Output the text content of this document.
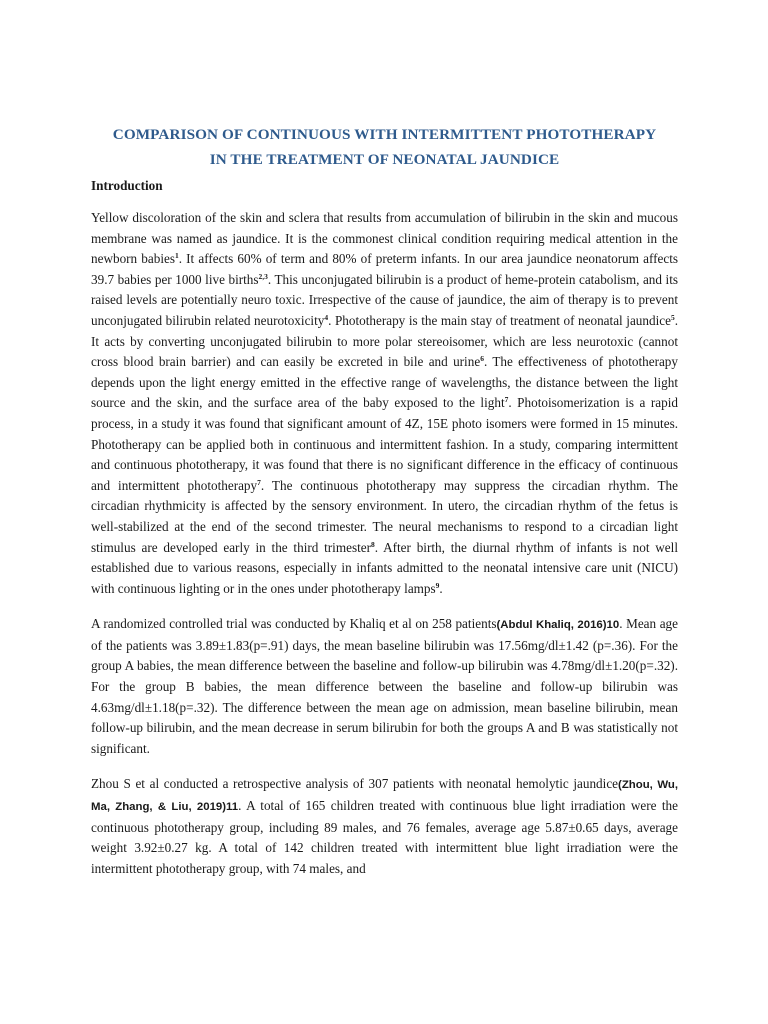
COMPARISON OF CONTINUOUS WITH INTERMITTENT PHOTOTHERAPY
IN THE TREATMENT OF NEONATAL JAUNDICE
Introduction

Yellow discoloration of the skin and sclera that results from accumulation of bilirubin in the skin and mucous membrane was named as jaundice. It is the commonest clinical condition requiring medical attention in the newborn babies$^1$. It affects 60% of term and 80% of preterm infants. In our area jaundice neonatorum affects 39.7 babies per 1000 live births$^{2,3}$. This unconjugated bilirubin is a product of heme-protein catabolism, and its raised levels are potentially neuro toxic. Irrespective of the cause of jaundice, the aim of therapy is to prevent unconjugated bilirubin related neurotoxicity$^4$. Phototherapy is the main stay of treatment of neonatal jaundice$^5$. It acts by converting unconjugated bilirubin to more polar stereoisomer, which are less neurotoxic (cannot cross blood brain barrier) and can easily be excreted in bile and urine$^6$. The effectiveness of phototherapy depends upon the light energy emitted in the effective range of wavelengths, the distance between the light source and the skin, and the surface area of the baby exposed to the light$^7$. Photoisomerization is a rapid process, in a study it was found that significant amount of 4Z, 15E photo isomers were formed in 15 minutes. Phototherapy can be applied both in continuous and intermittent fashion. In a study, comparing intermittent and continuous phototherapy, it was found that there is no significant difference in the efficacy of continuous and intermittent phototherapy$^7$. The continuous phototherapy may suppress the circadian rhythm. The circadian rhythmicity is affected by the sensory environment. In utero, the circadian rhythm of the fetus is well-stabilized at the end of the second trimester. The neural mechanisms to respond to a circadian light stimulus are developed early in the third trimester$^8$. After birth, the diurnal rhythm of infants is not well established due to various reasons, especially in infants admitted to the neonatal intensive care unit (NICU) with continuous lighting or in the ones under phototherapy lamps$^9$.

A randomized controlled trial was conducted by Khaliq et al on 258 patients(Abdul Khaliq, 2016)10. Mean age of the patients was 3.89±1.83(p=.91) days, the mean baseline bilirubin was 17.56mg/dl±1.42 (p=.36). For the group A babies, the mean difference between the baseline and follow-up bilirubin was 4.78mg/dl±1.20(p=.32). For the group B babies, the mean difference between the baseline and follow-up bilirubin was 4.63mg/dl±1.18(p=.32). The difference between the mean age on admission, mean baseline bilirubin, mean follow-up bilirubin, and the mean decrease in serum bilirubin for both the groups A and B was statistically not significant.

Zhou S et al conducted a retrospective analysis of 307 patients with neonatal hemolytic jaundice(Zhou, Wu, Ma, Zhang, & Liu, 2019)11. A total of 165 children treated with continuous blue light irradiation were the continuous phototherapy group, including 89 males, and 76 females, average age 5.87±0.65 days, average weight 3.92±0.27 kg. A total of 142 children treated with intermittent blue light irradiation were the intermittent phototherapy group, with 74 males, and
